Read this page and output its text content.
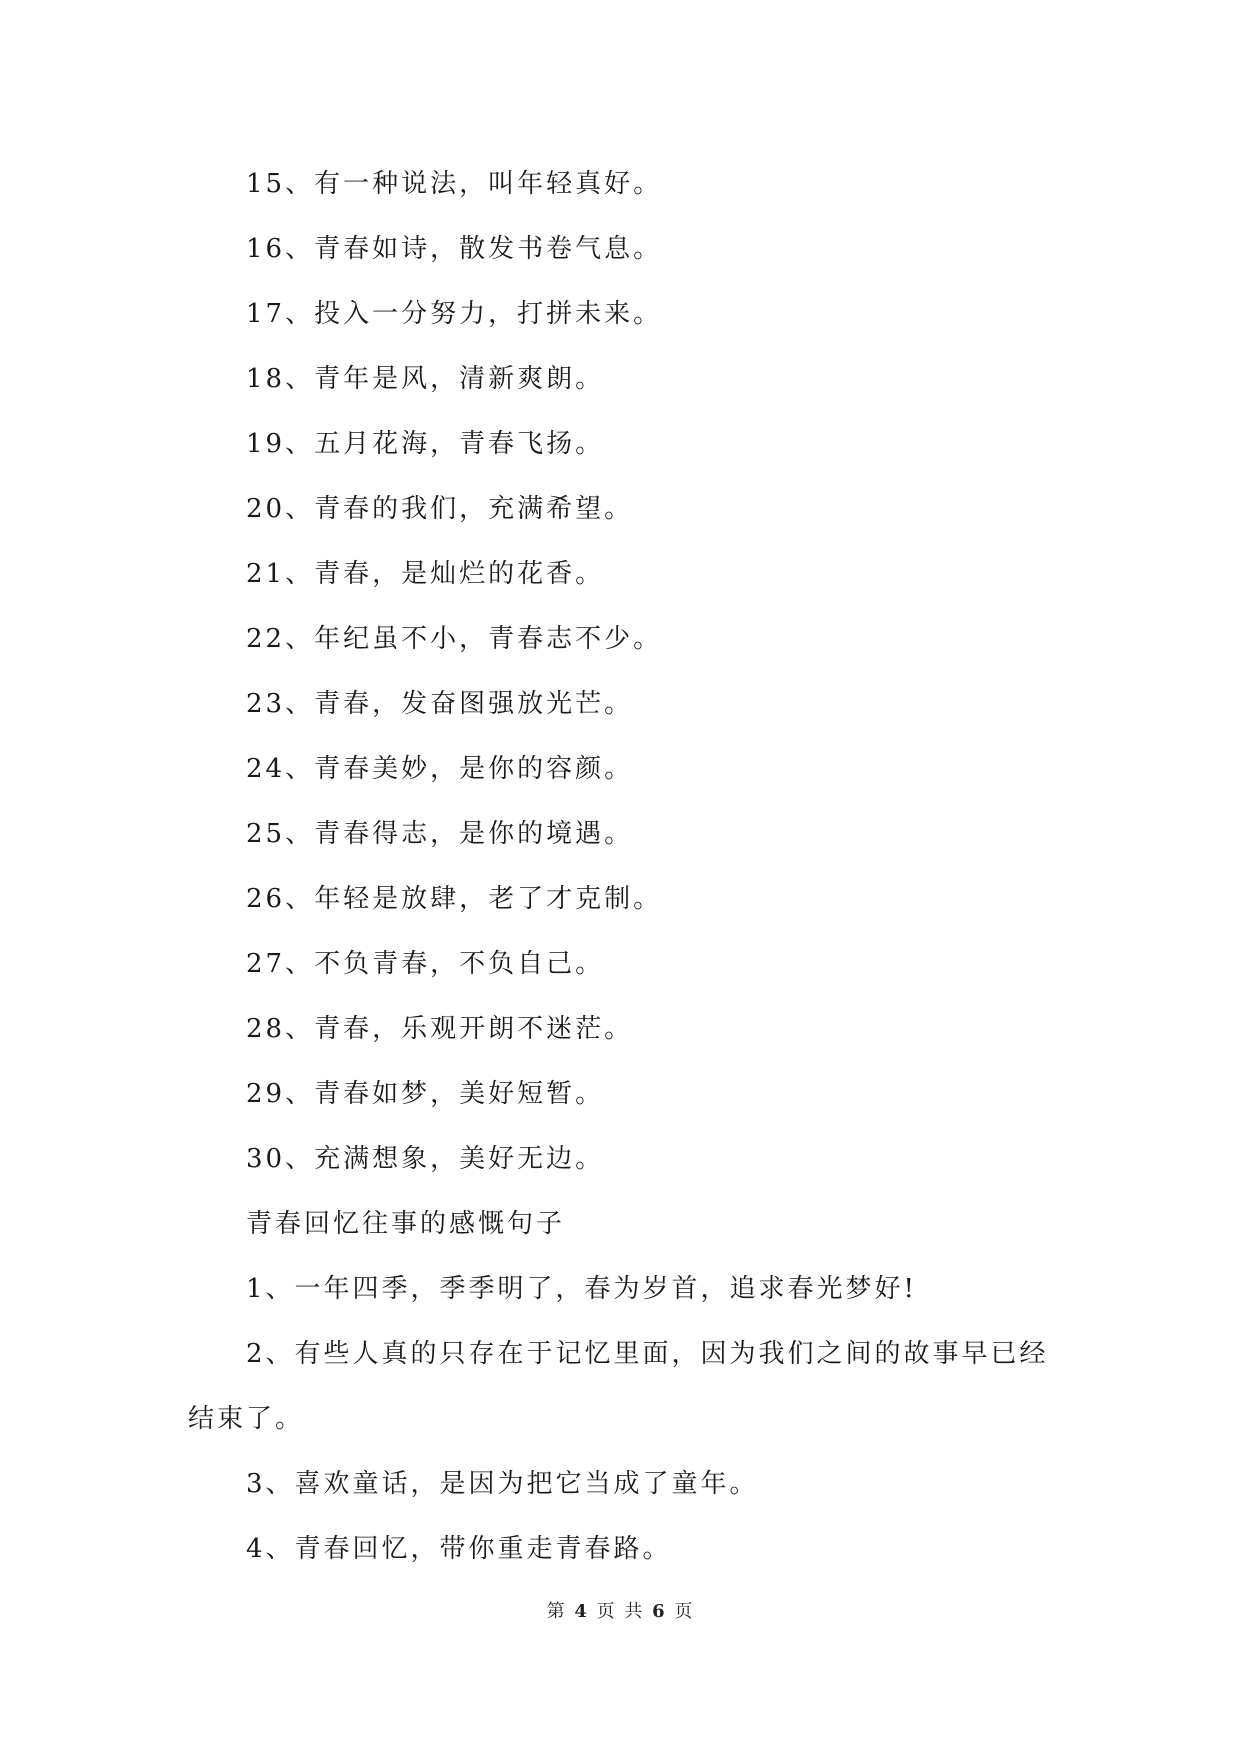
15、有一种说法，叫年轻真好。
16、青春如诗，散发书卷气息。
17、投入一分努力，打拼未来。
18、青年是风，清新爽朗。
19、五月花海，青春飞扬。
20、青春的我们，充满希望。
21、青春，是灿烂的花香。
22、年纪虽不小，青春志不少。
23、青春，发奋图强放光芒。
24、青春美妙，是你的容颜。
25、青春得志，是你的境遇。
26、年轻是放肆，老了才克制。
27、不负青春，不负自己。
28、青春，乐观开朗不迷茫。
29、青春如梦，美好短暂。
30、充满想象，美好无边。
青春回忆往事的感慨句子
1、一年四季，季季明了，春为岁首，追求春光梦好!
2、有些人真的只存在于记忆里面，因为我们之间的故事早已经
结束了。
3、喜欢童话，是因为把它当成了童年。
4、青春回忆，带你重走青春路。
第 4 页 共 6 页
